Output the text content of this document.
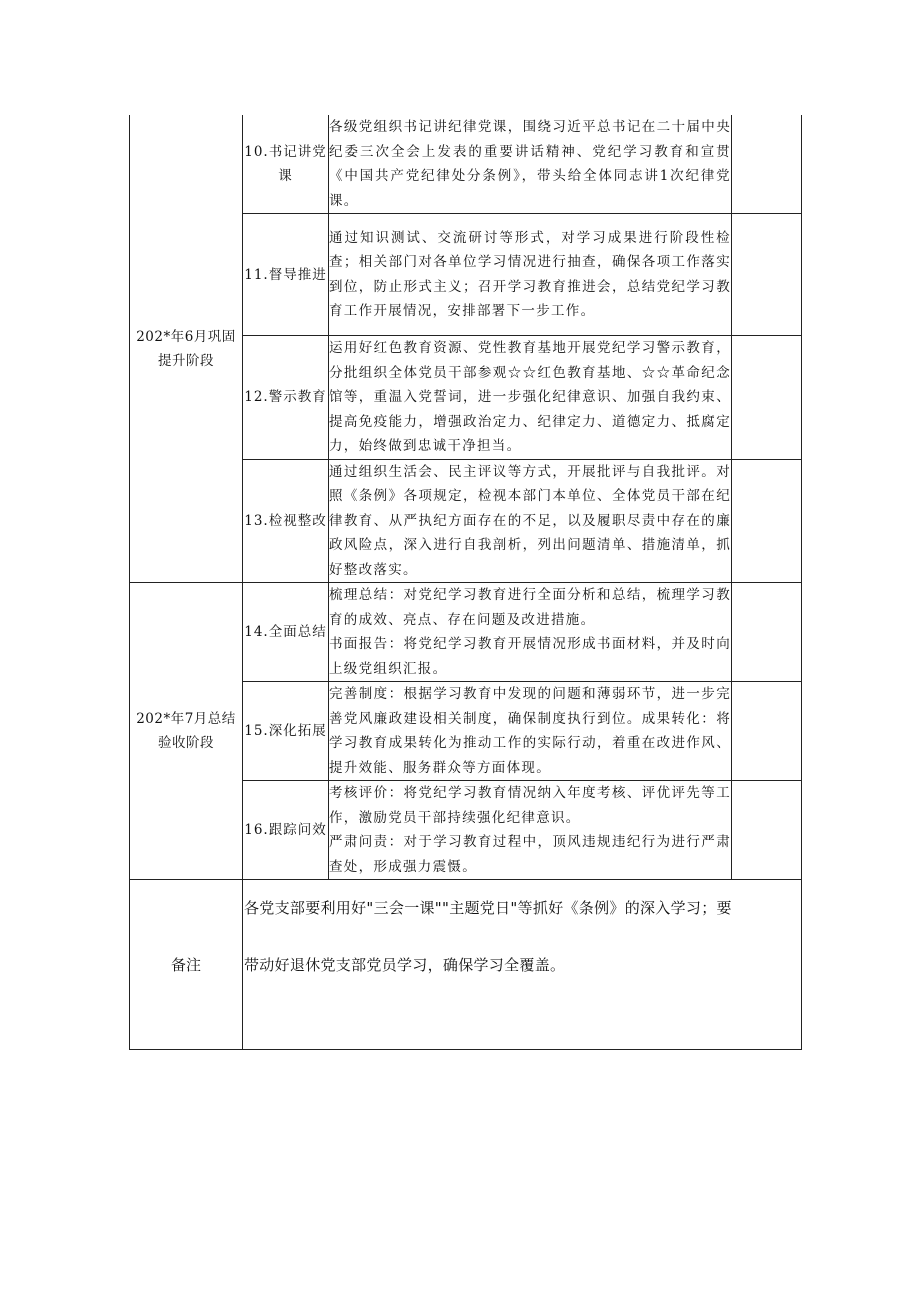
202*年6月巩固提升阶段	10.书记讲党课	各级党组织书记讲纪律党课，围绕习近平总书记在二十届中央纪委三次全会上发表的重要讲话精神、党纪学习教育和宣贯《中国共产党纪律处分条例》，带头给全体同志讲1次纪律党课。	

	11.督导推进	通过知识测试、交流研讨等形式，对学习成果进行阶段性检查；相关部门对各单位学习情况进行抽查，确保各项工作落实到位，防止形式主义；召开学习教育推进会，总结党纪学习教育工作开展情况，安排部署下一步工作。	

	12.警示教育	运用好红色教育资源、党性教育基地开展党纪学习警示教育，分批组织全体党员干部参观☆☆红色教育基地、☆☆革命纪念馆等，重温入党誓词，进一步强化纪律意识、加强自我约束、提高免疫能力，增强政治定力、纪律定力、道德定力、抵腐定力，始终做到忠诚干净担当。	

	13.检视整改	通过组织生活会、民主评议等方式，开展批评与自我批评。对照《条例》各项规定，检视本部门本单位、全体党员干部在纪律教育、从严执纪方面存在的不足，以及履职尽责中存在的廉政风险点，深入进行自我剖析，列出问题清单、措施清单，抓好整改落实。	

202*年7月总结验收阶段	14.全面总结	梳理总结：对党纪学习教育进行全面分析和总结，梳理学习教育的成效、亮点、存在问题及改进措施。

书面报告：将党纪学习教育开展情况形成书面材料，并及时向上级党组织汇报。	

	15.深化拓展	完善制度：根据学习教育中发现的问题和薄弱环节，进一步完善党风廉政建设相关制度，确保制度执行到位。成果转化：将学习教育成果转化为推动工作的实际行动，着重在改进作风、提升效能、服务群众等方面体现。	

	16.跟踪问效	考核评价：将党纪学习教育情况纳入年度考核、评优评先等工作，激励党员干部持续强化纪律意识。

严肃问责：对于学习教育过程中，顶风违规违纪行为进行严肃查处，形成强力震慑。	

备注	各党支部要利用好"三会一课""主题党日"等抓好《条例》的深入学习；要带动好退休党支部党员学习，确保学习全覆盖。		
